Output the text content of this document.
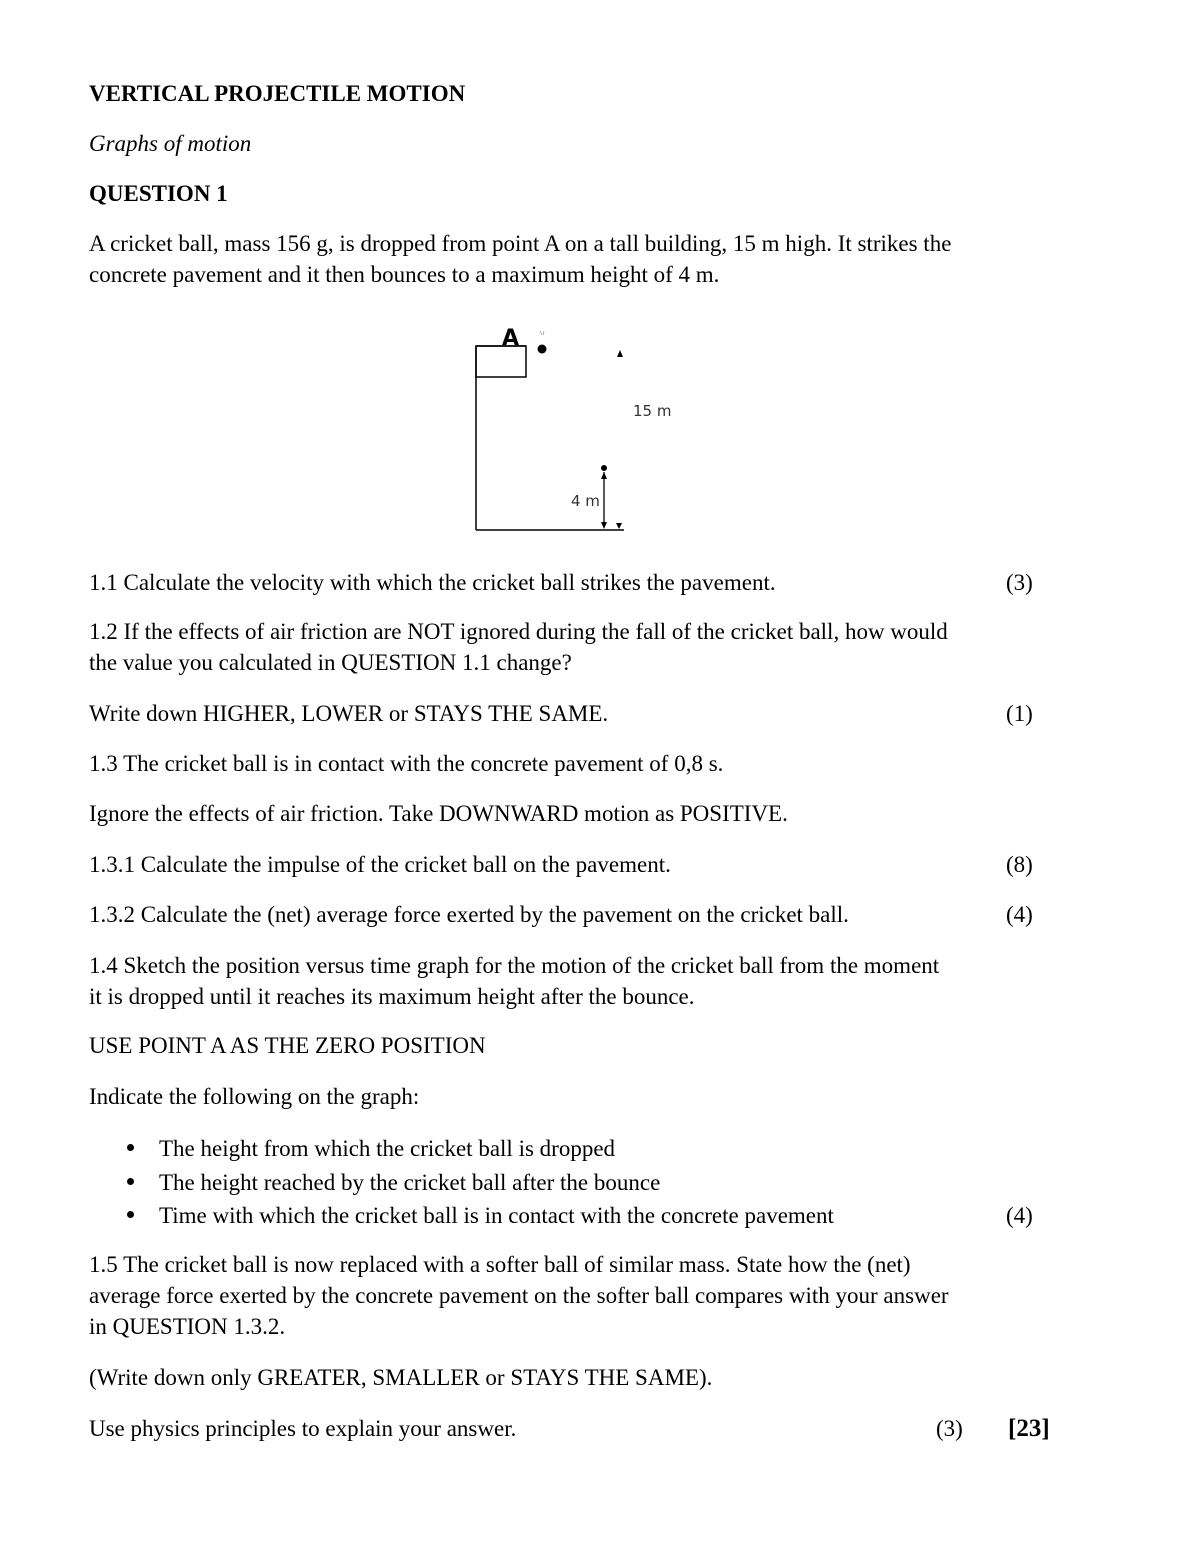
VERTICAL PROJECTILE MOTION
Graphs of motion
QUESTION 1
A cricket ball, mass 156 g, is dropped from point A on a tall building, 15 m high. It strikes the
concrete pavement and it then bounces to a maximum height of 4 m.
A
15 m
4 m
1.1 Calculate the velocity with which the cricket ball strikes the pavement.	(3)
1.2 If the effects of air friction are NOT ignored during the fall of the cricket ball, how would
the value you calculated in QUESTION 1.1 change?
Write down HIGHER, LOWER or STAYS THE SAME.	(1)
1.3 The cricket ball is in contact with the concrete pavement of 0,8 s.
Ignore the effects of air friction. Take DOWNWARD motion as POSITIVE.
1.3.1 Calculate the impulse of the cricket ball on the pavement.	(8)
1.3.2 Calculate the (net) average force exerted by the pavement on the cricket ball.	(4)
1.4 Sketch the position versus time graph for the motion of the cricket ball from the moment
it is dropped until it reaches its maximum height after the bounce.
USE POINT A AS THE ZERO POSITION
Indicate the following on the graph:
The height from which the cricket ball is dropped
The height reached by the cricket ball after the bounce
Time with which the cricket ball is in contact with the concrete pavement	(4)
1.5 The cricket ball is now replaced with a softer ball of similar mass. State how the (net)
average force exerted by the concrete pavement on the softer ball compares with your answer
in QUESTION 1.3.2.
(Write down only GREATER, SMALLER or STAYS THE SAME).
Use physics principles to explain your answer.	(3) [23]
